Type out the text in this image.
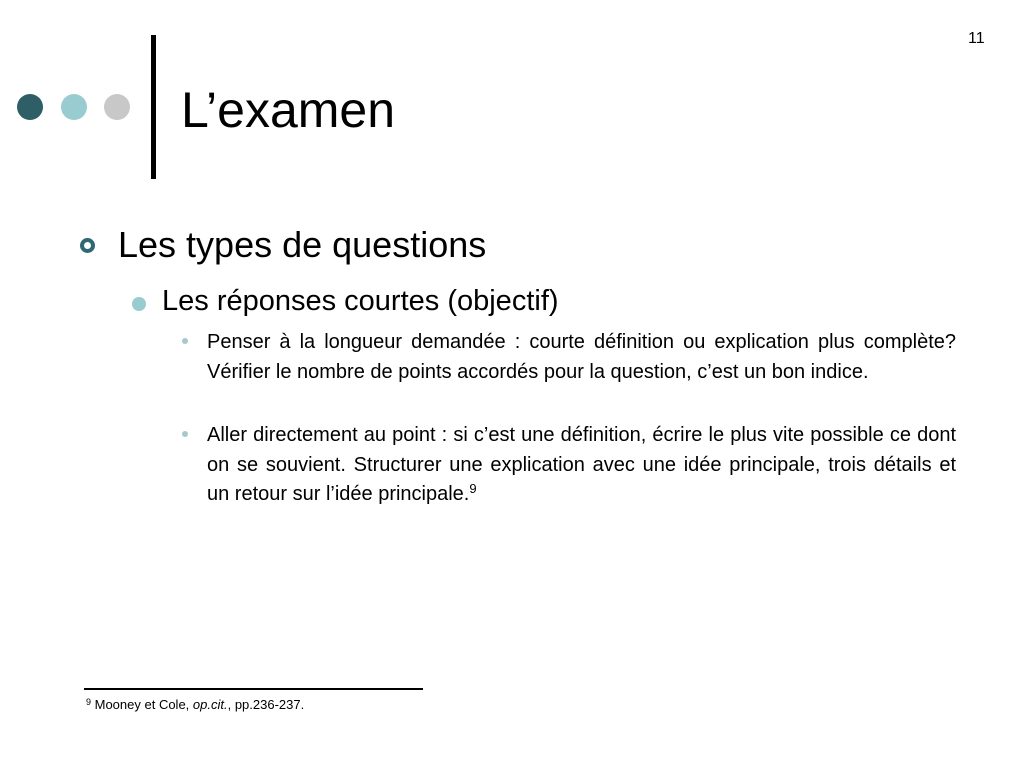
11
L’examen
Les types de questions
Les réponses courtes (objectif)
Penser à la longueur demandée : courte définition ou explication plus complète? Vérifier le nombre de points accordés pour la question, c’est un bon indice.
Aller directement au point : si c’est une définition, écrire le plus vite possible ce dont on se souvient. Structurer une explication avec une idée principale, trois détails et un retour sur l’idée principale.$^9$
$^9$ Mooney et Cole, op.cit., pp.236-237.
